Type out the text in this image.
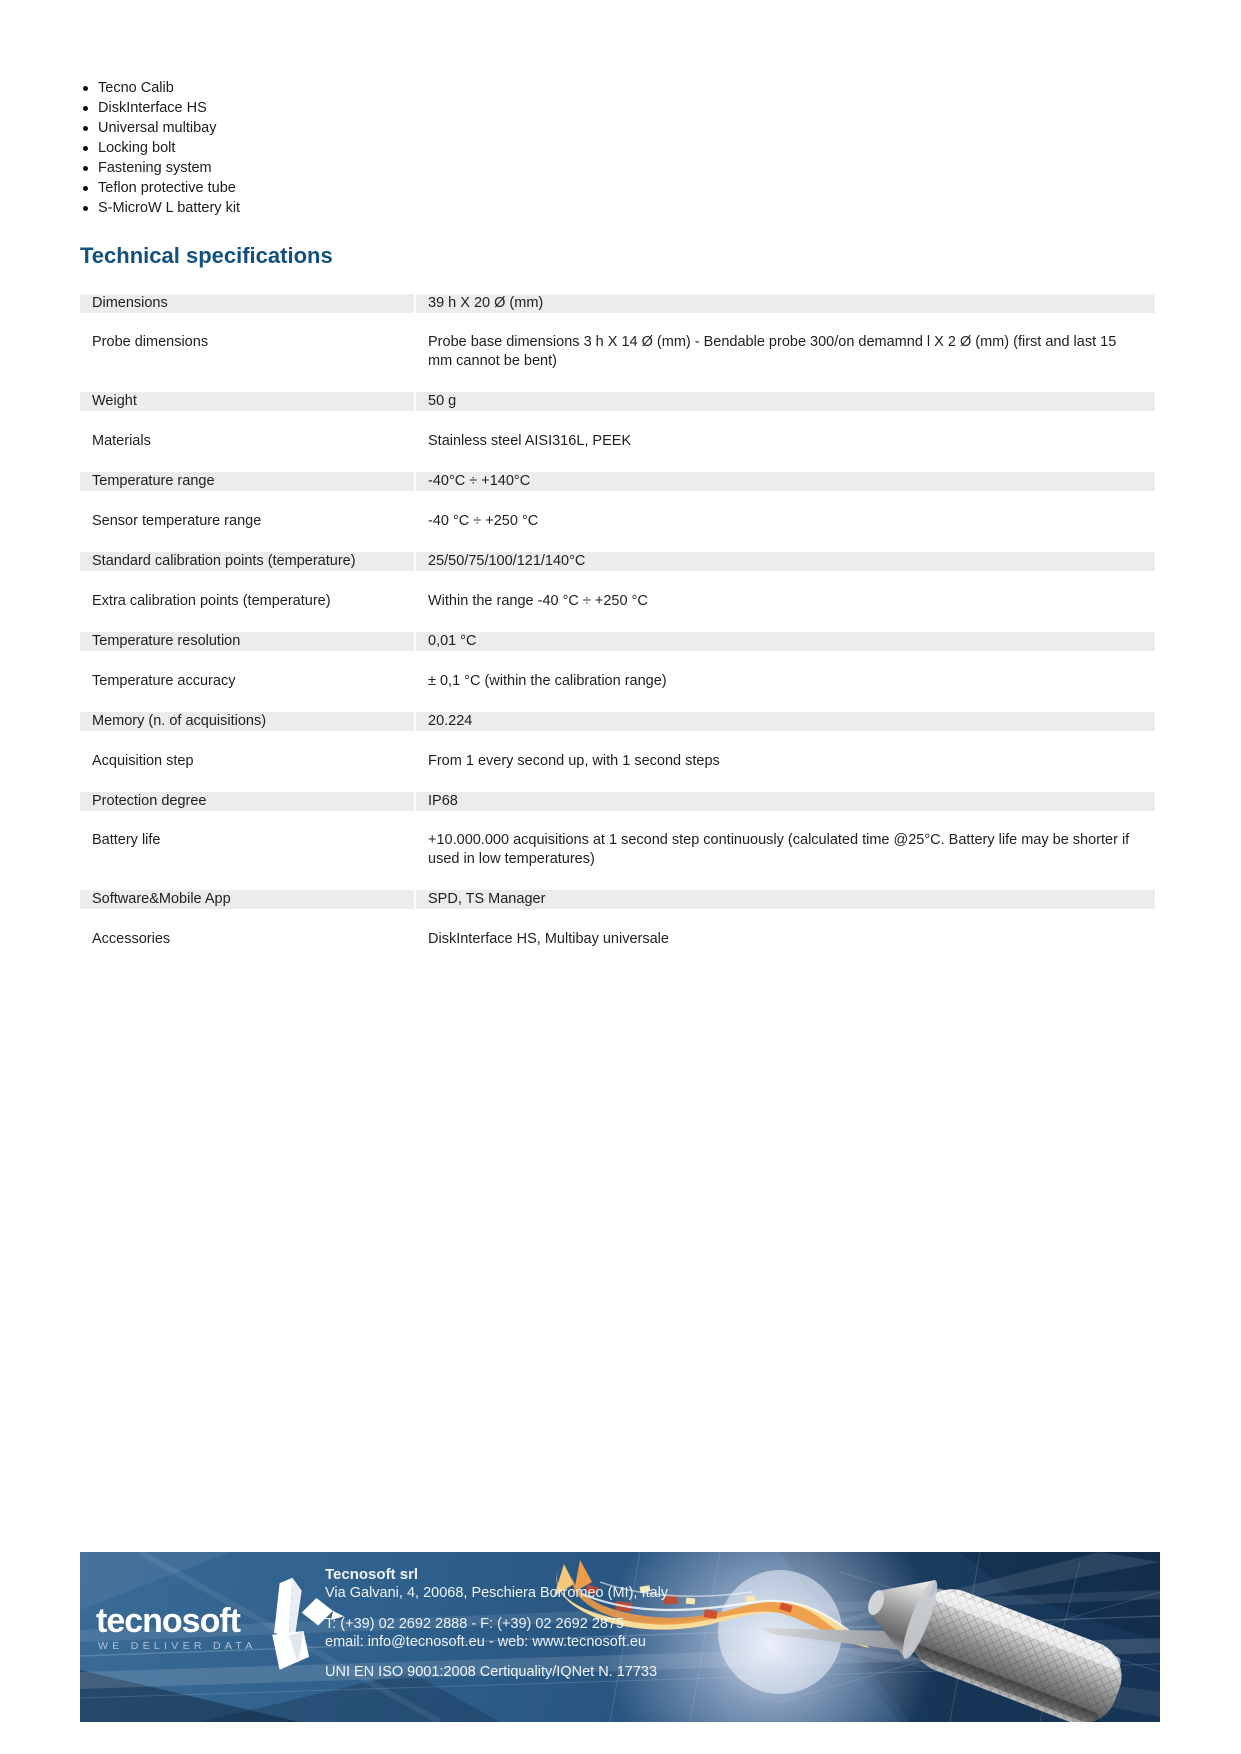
Tecno Calib
DiskInterface HS
Universal multibay
Locking bolt
Fastening system
Teflon protective tube
S-MicroW L battery kit
Technical specifications
Dimensions	39 h X 20 Ø (mm)
Probe dimensions	Probe base dimensions 3 h X 14 Ø (mm) - Bendable probe 300/on demamnd l X 2 Ø (mm) (first and last 15 mm cannot be bent)
Weight	50 g
Materials	Stainless steel AISI316L, PEEK
Temperature range	-40°C ÷ +140°C
Sensor temperature range	-40 °C ÷ +250 °C
Standard calibration points (temperature)	25/50/75/100/121/140°C
Extra calibration points (temperature)	Within the range -40 °C ÷ +250 °C
Temperature resolution	0,01 °C
Temperature accuracy	± 0,1 °C (within the calibration range)
Memory (n. of acquisitions)	20.224
Acquisition step	From 1 every second up, with 1 second steps
Protection degree	IP68
Battery life	+10.000.000 acquisitions at 1 second step continuously (calculated time @25°C. Battery life may be shorter if used in low temperatures)
Software&Mobile App	SPD, TS Manager
Accessories	DiskInterface HS, Multibay universale
tecnosoft
WE DELIVER DATA
Tecnosoft srl
Via Galvani, 4, 20068, Peschiera Borromeo (MI), Italy
T: (+39) 02 2692 2888 - F: (+39) 02 2692 2875
email: info@tecnosoft.eu - web: www.tecnosoft.eu
UNI EN ISO 9001:2008 Certiquality/IQNet N. 17733
